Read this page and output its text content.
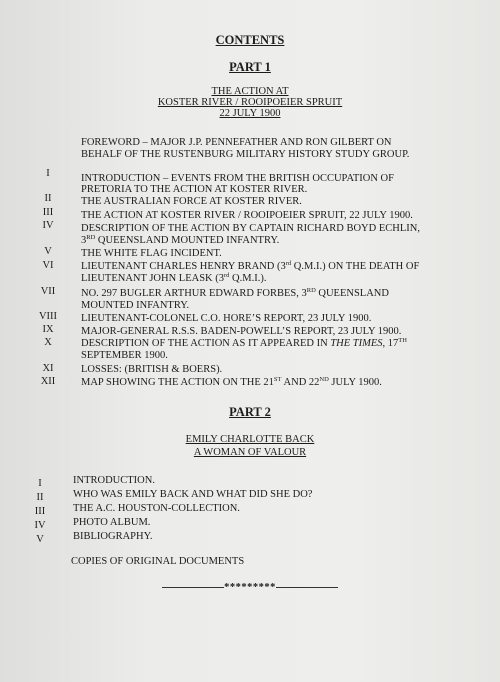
CONTENTS
PART 1
THE ACTION AT
KOSTER RIVER / ROOIPOEIER SPRUIT
22 JULY 1900
FOREWORD – MAJOR J.P. PENNEFATHER AND RON GILBERT ON
BEHALF OF THE RUSTENBURG MILITARY HISTORY STUDY GROUP.
I	INTRODUCTION – EVENTS FROM THE BRITISH OCCUPATION OF
PRETORIA TO THE ACTION AT KOSTER RIVER.
II	THE AUSTRALIAN FORCE AT KOSTER RIVER.
III	THE ACTION AT KOSTER RIVER / ROOIPOEIER SPRUIT, 22 JULY 1900.
IV	DESCRIPTION OF THE ACTION BY CAPTAIN RICHARD BOYD ECHLIN,
3RD QUEENSLAND MOUNTED INFANTRY.
V	THE WHITE FLAG INCIDENT.
VI	LIEUTENANT CHARLES HENRY BRAND (3rd Q.M.I.) ON THE DEATH OF
LIEUTENANT JOHN LEASK (3rd Q.M.I.).
VII	NO. 297 BUGLER ARTHUR EDWARD FORBES, 3RD QUEENSLAND
MOUNTED INFANTRY.
VIII	LIEUTENANT-COLONEL C.O. HORE’S REPORT, 23 JULY 1900.
IX	MAJOR-GENERAL R.S.S. BADEN-POWELL’S REPORT, 23 JULY 1900.
X	DESCRIPTION OF THE ACTION AS IT APPEARED IN THE TIMES, 17TH
SEPTEMBER 1900.
XI	LOSSES: (BRITISH & BOERS).
XII	MAP SHOWING THE ACTION ON THE 21ST AND 22ND JULY 1900.
PART 2
EMILY CHARLOTTE BACK
A WOMAN OF VALOUR
I	INTRODUCTION.
II	WHO WAS EMILY BACK AND WHAT DID SHE DO?
III	THE A.C. HOUSTON-COLLECTION.
IV	PHOTO ALBUM.
V	BIBLIOGRAPHY.
COPIES OF ORIGINAL DOCUMENTS
*********
